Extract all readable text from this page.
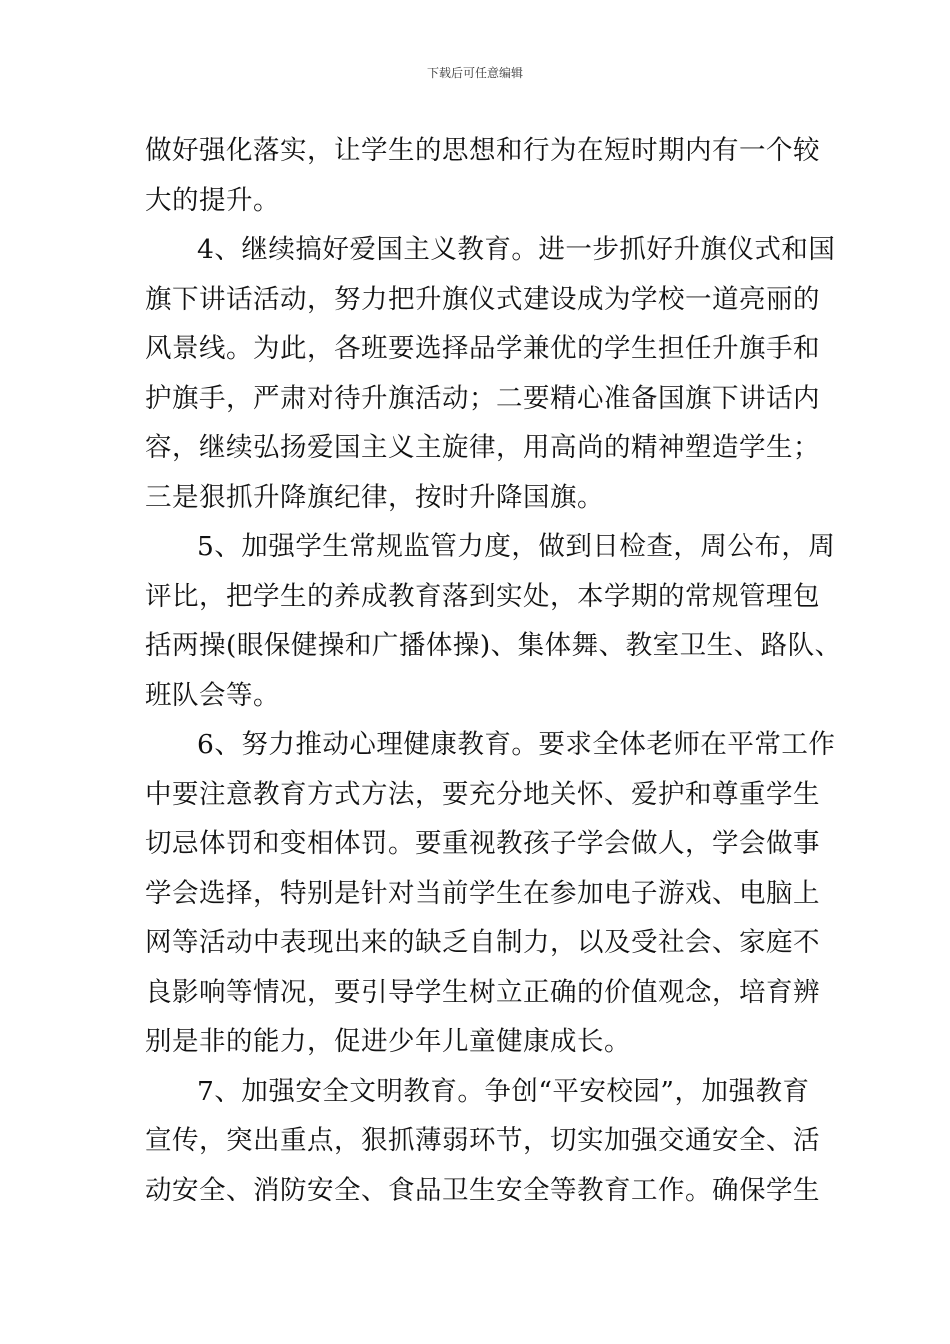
下载后可任意编辑
做好强化落实，让学生的思想和行为在短时期内有一个较
大的提升。
4、继续搞好爱国主义教育。进一步抓好升旗仪式和国
旗下讲话活动，努力把升旗仪式建设成为学校一道亮丽的
风景线。为此，各班要选择品学兼优的学生担任升旗手和
护旗手，严肃对待升旗活动；二要精心准备国旗下讲话内
容，继续弘扬爱国主义主旋律，用高尚的精神塑造学生；
三是狠抓升降旗纪律，按时升降国旗。
5、加强学生常规监管力度，做到日检查，周公布，周
评比，把学生的养成教育落到实处，本学期的常规管理包
括两操(眼保健操和广播体操)、集体舞、教室卫生、路队、
班队会等。
6、努力推动心理健康教育。要求全体老师在平常工作
中要注意教育方式方法，要充分地关怀、爱护和尊重学生
切忌体罚和变相体罚。要重视教孩子学会做人，学会做事
学会选择，特别是针对当前学生在参加电子游戏、电脑上
网等活动中表现出来的缺乏自制力，以及受社会、家庭不
良影响等情况，要引导学生树立正确的价值观念，培育辨
别是非的能力，促进少年儿童健康成长。
7、加强安全文明教育。争创“平安校园”，加强教育
宣传，突出重点，狠抓薄弱环节，切实加强交通安全、活
动安全、消防安全、食品卫生安全等教育工作。确保学生
